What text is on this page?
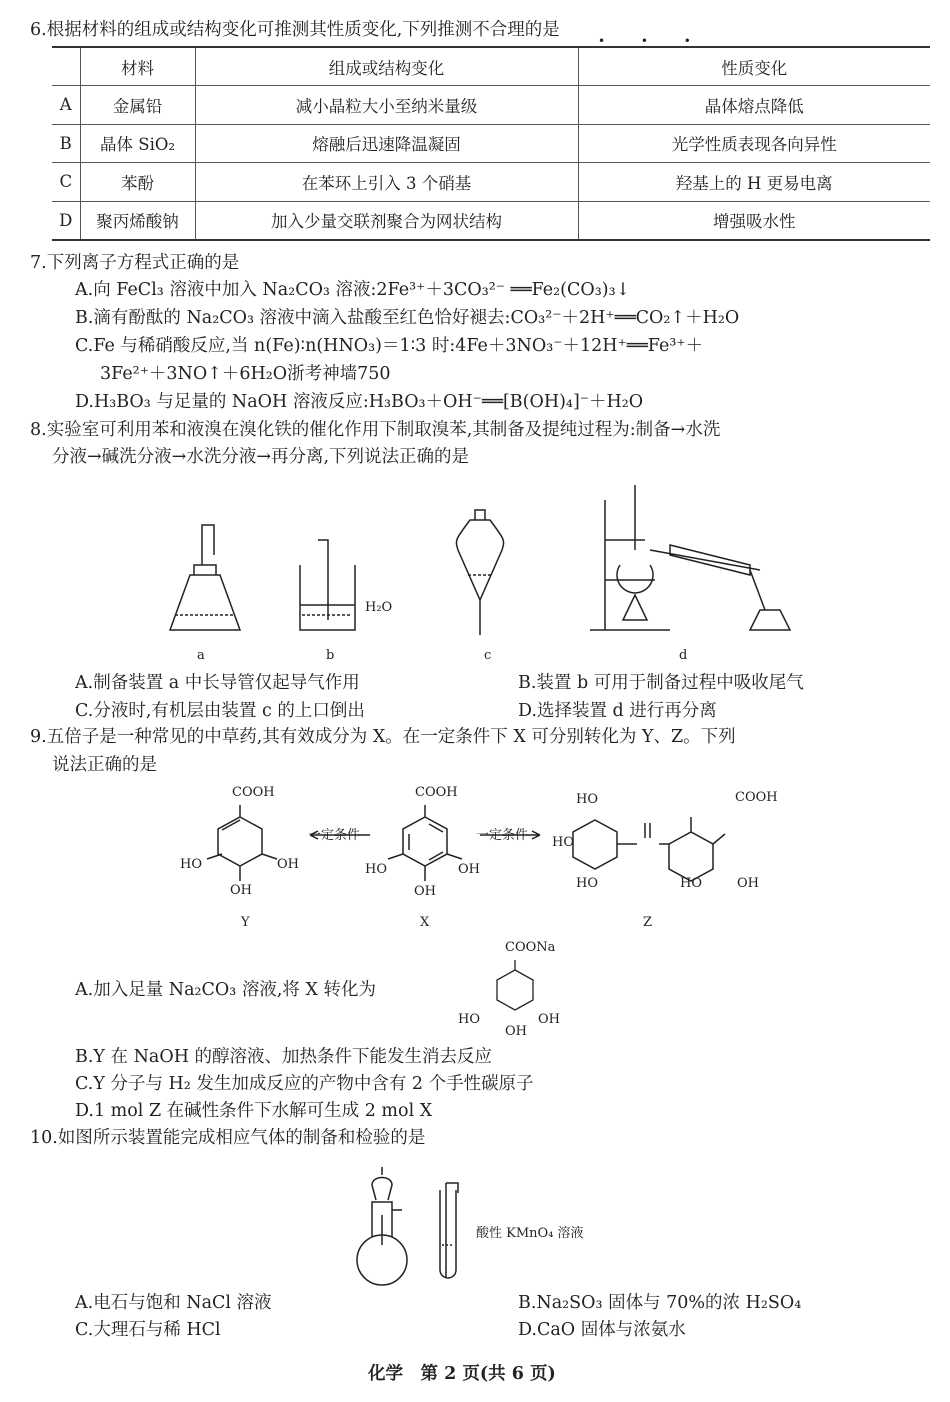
6.根据材料的组成或结构变化可推测其性质变化,下列推测不合理的是
• • •
	材料	组成或结构变化	性质变化
A	金属铅	减小晶粒大小至纳米量级	晶体熔点降低
B	晶体 SiO₂	熔融后迅速降温凝固	光学性质表现各向异性
C	苯酚	在苯环上引入 3 个硝基	羟基上的 H 更易电离
D	聚丙烯酸钠	加入少量交联剂聚合为网状结构	增强吸水性
7.下列离子方程式正确的是
A.向 FeCl₃ 溶液中加入 Na₂CO₃ 溶液:2Fe³⁺＋3CO₃²⁻ ══Fe₂(CO₃)₃↓
B.滴有酚酞的 Na₂CO₃ 溶液中滴入盐酸至红色恰好褪去:CO₃²⁻＋2H⁺══CO₂↑＋H₂O
C.Fe 与稀硝酸反应,当 n(Fe)∶n(HNO₃)＝1∶3 时:4Fe＋3NO₃⁻＋12H⁺══Fe³⁺＋
3Fe²⁺＋3NO↑＋6H₂O浙考神墙750
D.H₃BO₃ 与足量的 NaOH 溶液反应:H₃BO₃＋OH⁻══[B(OH)₄]⁻＋H₂O
8.实验室可利用苯和液溴在溴化铁的催化作用下制取溴苯,其制备及提纯过程为:制备→水洗
分液→碱洗分液→水洗分液→再分离,下列说法正确的是
H₂O
a	b	c	d
A.制备装置 a 中长导管仅起导气作用	B.装置 b 可用于制备过程中吸收尾气
C.分液时,有机层由装置 c 的上口倒出	D.选择装置 d 进行再分离
9.五倍子是一种常见的中草药,其有效成分为 X。在一定条件下 X 可分别转化为 Y、Z。下列
说法正确的是
COOH
HO	OH
OH
一定条件
COOH
HO	OH
OH
一定条件
HO
HO
HO
COOH
HO	OH
Y	X	Z
A.加入足量 Na₂CO₃ 溶液,将 X 转化为
COONa
HO	OH
OH
B.Y 在 NaOH 的醇溶液、加热条件下能发生消去反应
C.Y 分子与 H₂ 发生加成反应的产物中含有 2 个手性碳原子
D.1 mol Z 在碱性条件下水解可生成 2 mol X
10.如图所示装置能完成相应气体的制备和检验的是
酸性 KMnO₄ 溶液
A.电石与饱和 NaCl 溶液	B.Na₂SO₃ 固体与 70%的浓 H₂SO₄
C.大理石与稀 HCl	D.CaO 固体与浓氨水
化学　第 2 页(共 6 页)
